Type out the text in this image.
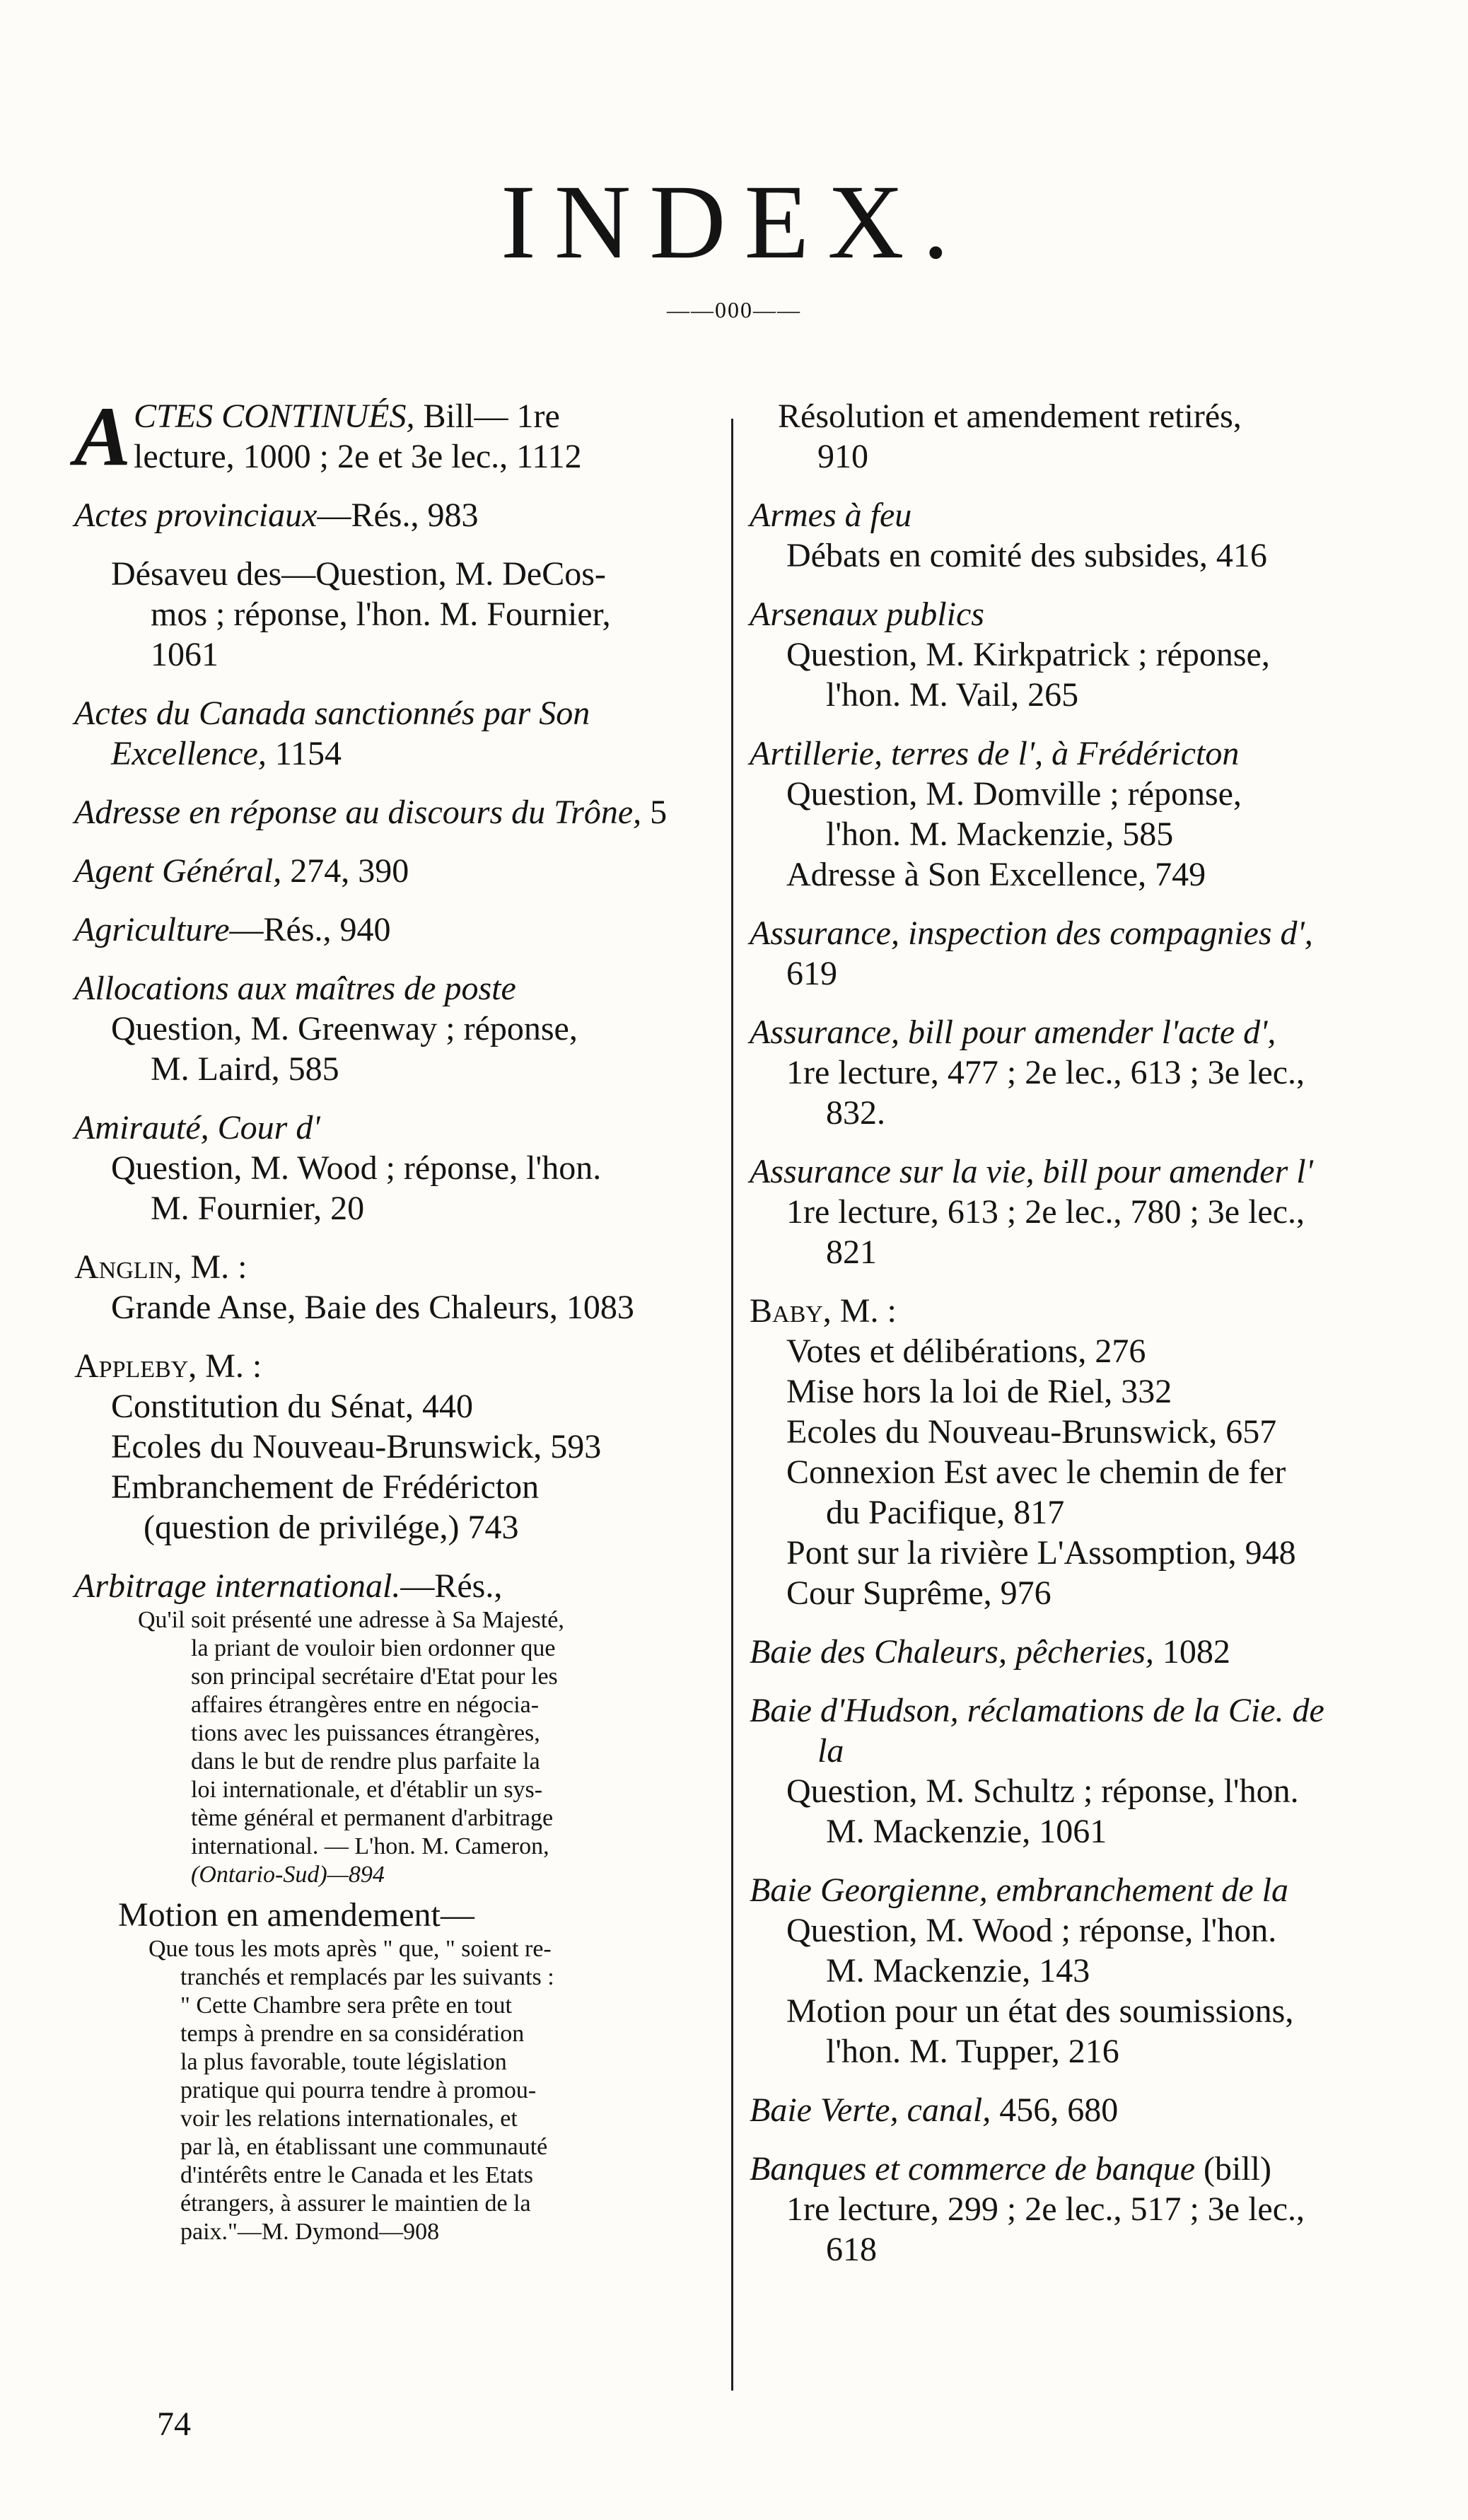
INDEX.
——000——
A CTES CONTINUÉS, Bill— 1re
lecture, 1000 ; 2e et 3e lec., 1112
Actes provinciaux—Rés., 983
Désaveu des—Question, M. DeCos-
mos ; réponse, l'hon. M. Fournier,
1061
Actes du Canada sanctionnés par Son
Excellence, 1154
Adresse en réponse au discours du Trône, 5
Agent Général, 274, 390
Agriculture—Rés., 940
Allocations aux maîtres de poste
Question, M. Greenway ; réponse,
M. Laird, 585
Amirauté, Cour d'
Question, M. Wood ; réponse, l'hon.
M. Fournier, 20
Anglin, M. :
Grande Anse, Baie des Chaleurs, 1083
Appleby, M. :
Constitution du Sénat, 440
Ecoles du Nouveau-Brunswick, 593
Embranchement de Frédéricton
(question de privilége,) 743
Arbitrage international.—Rés.,
Qu'il soit présenté une adresse à Sa Majesté,
la priant de vouloir bien ordonner que
son principal secrétaire d'Etat pour les
affaires étrangères entre en négocia-
tions avec les puissances étrangères,
dans le but de rendre plus parfaite la
loi internationale, et d'établir un sys-
tème général et permanent d'arbitrage
international. — L'hon. M. Cameron,
(Ontario-Sud)—894
Motion en amendement—
Que tous les mots après " que, " soient re-
tranchés et remplacés par les suivants :
" Cette Chambre sera prête en tout
temps à prendre en sa considération
la plus favorable, toute législation
pratique qui pourra tendre à promou-
voir les relations internationales, et
par là, en établissant une communauté
d'intérêts entre le Canada et les Etats
étrangers, à assurer le maintien de la
paix."—M. Dymond—908
Résolution et amendement retirés,
910
Armes à feu
Débats en comité des subsides, 416
Arsenaux publics
Question, M. Kirkpatrick ; réponse,
l'hon. M. Vail, 265
Artillerie, terres de l', à Frédéricton
Question, M. Domville ; réponse,
l'hon. M. Mackenzie, 585
Adresse à Son Excellence, 749
Assurance, inspection des compagnies d',
619
Assurance, bill pour amender l'acte d',
1re lecture, 477 ; 2e lec., 613 ; 3e lec.,
832.
Assurance sur la vie, bill pour amender l'
1re lecture, 613 ; 2e lec., 780 ; 3e lec.,
821
Baby, M. :
Votes et délibérations, 276
Mise hors la loi de Riel, 332
Ecoles du Nouveau-Brunswick, 657
Connexion Est avec le chemin de fer
du Pacifique, 817
Pont sur la rivière L'Assomption, 948
Cour Suprême, 976
Baie des Chaleurs, pêcheries, 1082
Baie d'Hudson, réclamations de la Cie. de
la
Question, M. Schultz ; réponse, l'hon.
M. Mackenzie, 1061
Baie Georgienne, embranchement de la
Question, M. Wood ; réponse, l'hon.
M. Mackenzie, 143
Motion pour un état des soumissions,
l'hon. M. Tupper, 216
Baie Verte, canal, 456, 680
Banques et commerce de banque (bill)
1re lecture, 299 ; 2e lec., 517 ; 3e lec.,
618
74
